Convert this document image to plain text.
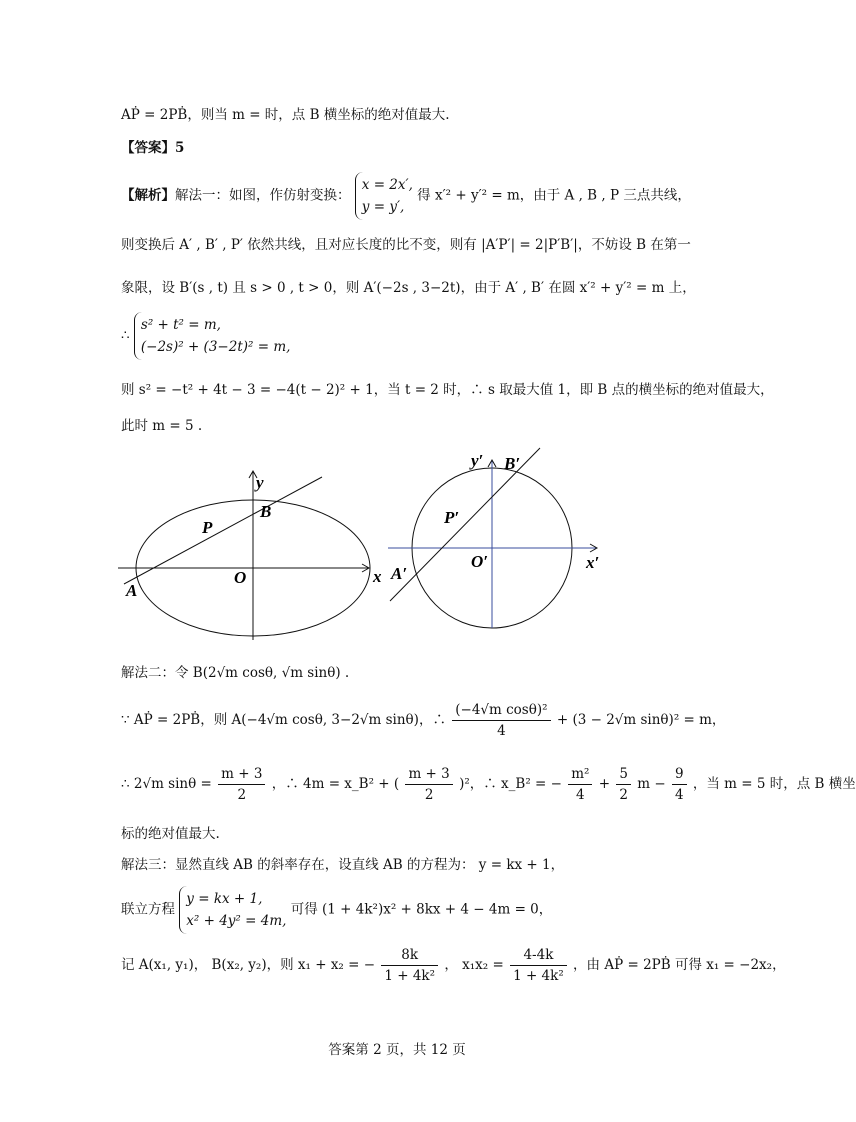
AṖ = 2PḂ，则当 m = 时，点 B 横坐标的绝对值最大.
【答案】5
【解析】解法一：如图，作仿射变换：
x = 2x′,
y = y′,
得 x′² + y′² = m，由于 A , B , P 三点共线，
则变换后 A′ , B′ , P′ 依然共线，且对应长度的比不变，则有 |A′P′| = 2|P′B′|，不妨设 B 在第一
象限，设 B′(s , t) 且 s > 0 , t > 0，则 A′(−2s , 3−2t)，由于 A′ , B′ 在圆 x′² + y′² = m 上，
∴
s² + t² = m,
(−2s)² + (3−2t)² = m,
则 s² = −t² + 4t − 3 = −4(t − 2)² + 1，当 t = 2 时，∴ s 取最大值 1，即 B 点的横坐标的绝对值最大，
此时 m = 5 .
y
x
O
B
P
A
y′
x′
O′
B′
P′
A′
解法二：令 B(2√m cosθ, √m sinθ) .
∵ AṖ = 2PḂ，则 A(−4√m cosθ, 3−2√m sinθ)，∴ $\frac{\text{(−4√m cosθ)²}}{4} + (3 - 2√m$ sinθ)² = m，
∴ 2√m $\sin\theta = \frac{m + 3}{2}$ ，∴ 4m = x_B² + ( $\frac{m + 3}{2} )^2$，∴ x_B² = − $\frac{\text{m²}}{4} + \frac{5}{2}$ $m - \frac{9}{4}$ ，当 m = 5 时，点 B 横坐
标的绝对值最大.
解法三：显然直线 AB 的斜率存在，设直线 AB 的方程为： y = kx + 1，
联立方程
y = kx + 1,
x² + 4y² = 4m,
可得 (1 + 4k²)x² + 8kx + 4 − 4m = 0，
记 A(x₁, y₁)， B(x₂, y₂)，则 x₁ + x₂ = − $\frac{8k}{\text{1 + 4k²}}$ ， $x_1x_2 = \frac{4-4k}{\text{1 + 4k²}}$ ，由 AṖ = 2PḂ 可得 x₁ = −2x₂，
答案第 2 页，共 12 页
